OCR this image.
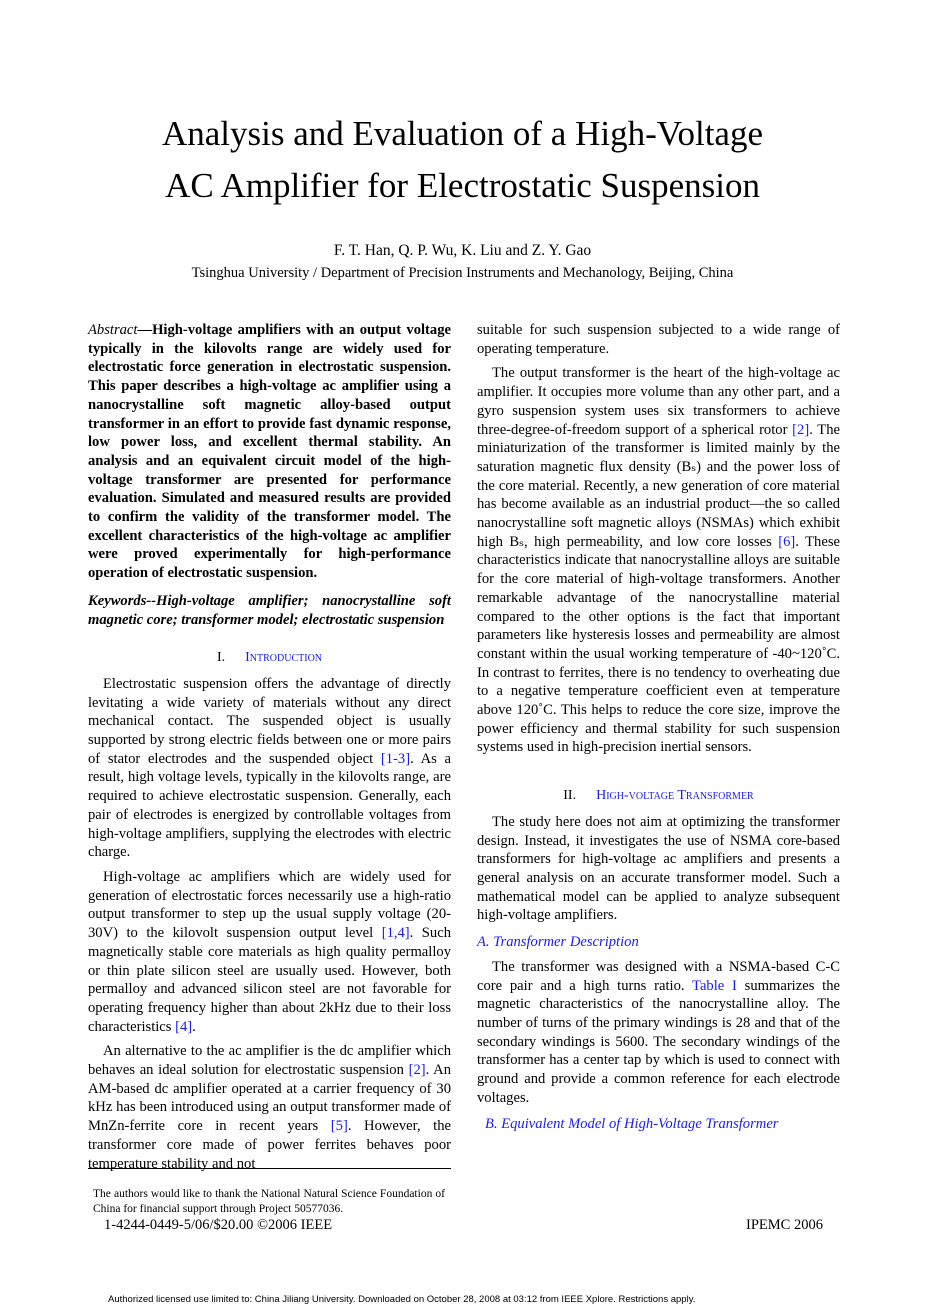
Analysis and Evaluation of a High-Voltage
AC Amplifier for Electrostatic Suspension
F. T. Han, Q. P. Wu, K. Liu and Z. Y. Gao
Tsinghua University / Department of Precision Instruments and Mechanology, Beijing, China

Abstract—High-voltage amplifiers with an output voltage typically in the kilovolts range are widely used for electrostatic force generation in electrostatic suspension. This paper describes a high-voltage ac amplifier using a nanocrystalline soft magnetic alloy-based output transformer in an effort to provide fast dynamic response, low power loss, and excellent thermal stability. An analysis and an equivalent circuit model of the high-voltage transformer are presented for performance evaluation. Simulated and measured results are provided to confirm the validity of the transformer model. The excellent characteristics of the high-voltage ac amplifier were proved experimentally for high-performance operation of electrostatic suspension.

Keywords--High-voltage amplifier; nanocrystalline soft magnetic core; transformer model; electrostatic suspension

I. Introduction

Electrostatic suspension offers the advantage of directly levitating a wide variety of materials without any direct mechanical contact. The suspended object is usually supported by strong electric fields between one or more pairs of stator electrodes and the suspended object [1-3]. As a result, high voltage levels, typically in the kilovolts range, are required to achieve electrostatic suspension. Generally, each pair of electrodes is energized by controllable voltages from high-voltage amplifiers, supplying the electrodes with electric charge.

High-voltage ac amplifiers which are widely used for generation of electrostatic forces necessarily use a high-ratio output transformer to step up the usual supply voltage (20-30V) to the kilovolt suspension output level [1,4]. Such magnetically stable core materials as high quality permalloy or thin plate silicon steel are usually used. However, both permalloy and advanced silicon steel are not favorable for operating frequency higher than about 2kHz due to their loss characteristics [4].

An alternative to the ac amplifier is the dc amplifier which behaves an ideal solution for electrostatic suspension [2]. An AM-based dc amplifier operated at a carrier frequency of 30 kHz has been introduced using an output transformer made of MnZn-ferrite core in recent years [5]. However, the transformer core made of power ferrites behaves poor temperature stability and not

suitable for such suspension subjected to a wide range of operating temperature.

The output transformer is the heart of the high-voltage ac amplifier. It occupies more volume than any other part, and a gyro suspension system uses six transformers to achieve three-degree-of-freedom support of a spherical rotor [2]. The miniaturization of the transformer is limited mainly by the saturation magnetic flux density (Bₛ) and the power loss of the core material. Recently, a new generation of core material has become available as an industrial product—the so called nanocrystalline soft magnetic alloys (NSMAs) which exhibit high Bₛ, high permeability, and low core losses [6]. These characteristics indicate that nanocrystalline alloys are suitable for the core material of high-voltage transformers. Another remarkable advantage of the nanocrystalline material compared to the other options is the fact that important parameters like hysteresis losses and permeability are almost constant within the usual working temperature of -40~120˚C. In contrast to ferrites, there is no tendency to overheating due to a negative temperature coefficient even at temperature above 120˚C. This helps to reduce the core size, improve the power efficiency and thermal stability for such suspension systems used in high-precision inertial sensors.

II. High-voltage Transformer

The study here does not aim at optimizing the transformer design. Instead, it investigates the use of NSMA core-based transformers for high-voltage ac amplifiers and presents a general analysis on an accurate transformer model. Such a mathematical model can be applied to analyze subsequent high-voltage amplifiers.

A. Transformer Description

The transformer was designed with a NSMA-based C-C core pair and a high turns ratio. Table I summarizes the magnetic characteristics of the nanocrystalline alloy. The number of turns of the primary windings is 28 and that of the secondary windings is 5600. The secondary windings of the transformer has a center tap by which is used to connect with ground and provide a common reference for each electrode voltages.

B. Equivalent Model of High-Voltage Transformer
The authors would like to thank the National Natural Science Foundation of China for financial support through Project 50577036.
1-4244-0449-5/06/$20.00 ©2006 IEEE	IPEMC 2006
Authorized licensed use limited to: China Jiliang University. Downloaded on October 28, 2008 at 03:12 from IEEE Xplore. Restrictions apply.
